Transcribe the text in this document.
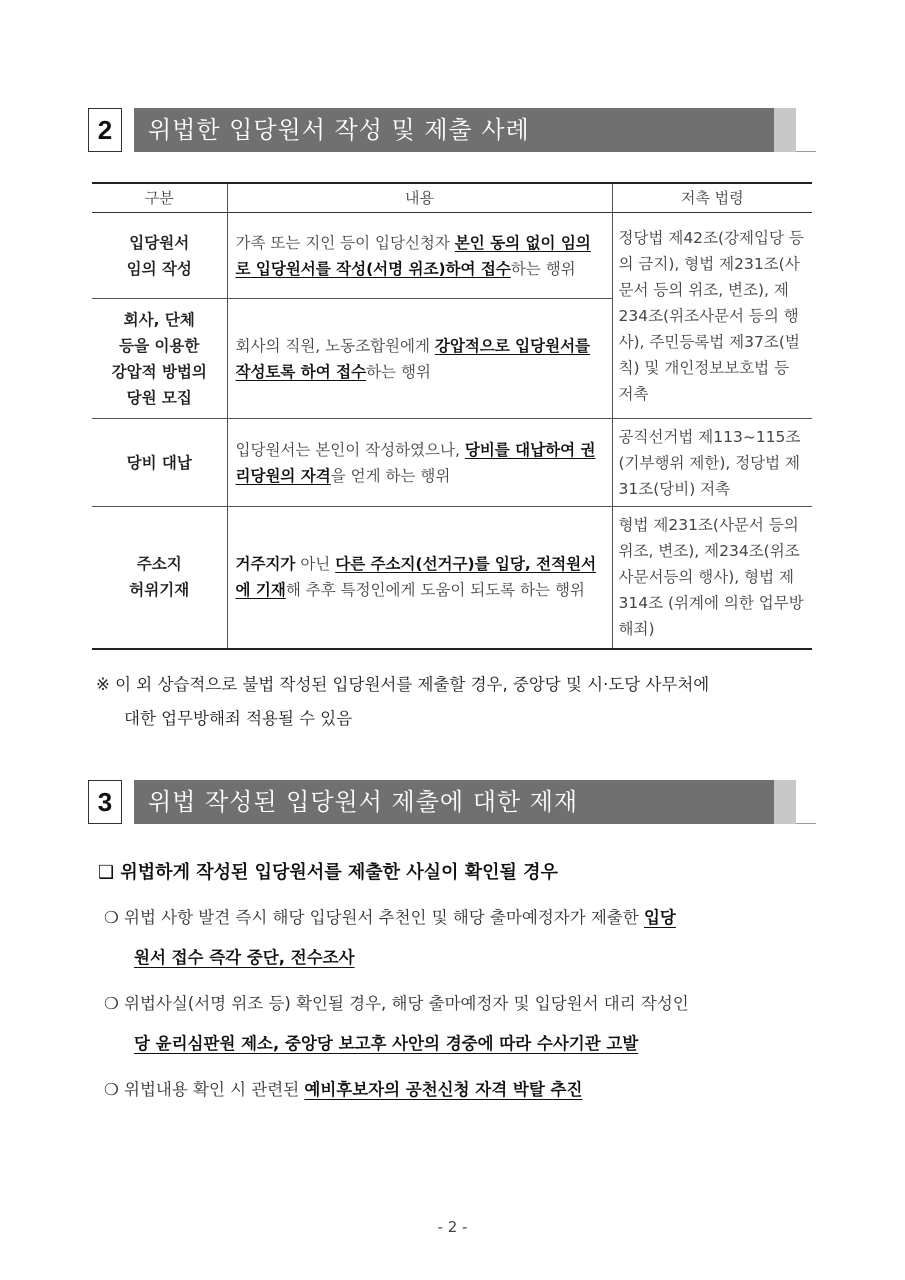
2	위법한 입당원서 작성 및 제출 사례
구분	내용	저촉 법령

입당원서
임의 작성	가족 또는 지인 등이 입당신청자 본인 동의 없이 임의로 입당원서를 작성(서명 위조)하여 접수하는 행위	정당법 제42조(강제입당 등의 금지), 형법 제231조(사문서 등의 위조, 변조), 제234조(위조사문서 등의 행사), 주민등록법 제37조(벌칙) 및 개인정보보호법 등 저촉

회사, 단체
등을 이용한
강압적 방법의
당원 모집	회사의 직원, 노동조합원에게 강압적으로 입당원서를 작성토록 하여 접수하는 행위	

당비 대납	입당원서는 본인이 작성하였으나, 당비를 대납하여 권리당원의 자격을 얻게 하는 행위	공직선거법 제113~115조(기부행위 제한), 정당법 제31조(당비) 저촉

주소지
허위기재	거주지가 아닌 다른 주소지(선거구)를 입당, 전적원서에 기재해 추후 특정인에게 도움이 되도록 하는 행위	형법 제231조(사문서 등의 위조, 변조), 제234조(위조사문서등의 행사), 형법 제314조 (위계에 의한 업무방해죄)
※ 이 외 상습적으로 불법 작성된 입당원서를 제출할 경우, 중앙당 및 시·도당 사무처에
대한 업무방해죄 적용될 수 있음
3	위법 작성된 입당원서 제출에 대한 제재
❑ 위법하게 작성된 입당원서를 제출한 사실이 확인될 경우
❍ 위법 사항 발견 즉시 해당 입당원서 추천인 및 해당 출마예정자가 제출한 입당
원서 접수 즉각 중단, 전수조사
❍ 위법사실(서명 위조 등) 확인될 경우, 해당 출마예정자 및 입당원서 대리 작성인
당 윤리심판원 제소, 중앙당 보고후 사안의 경중에 따라 수사기관 고발
❍ 위법내용 확인 시 관련된 예비후보자의 공천신청 자격 박탈 추진
- 2 -
